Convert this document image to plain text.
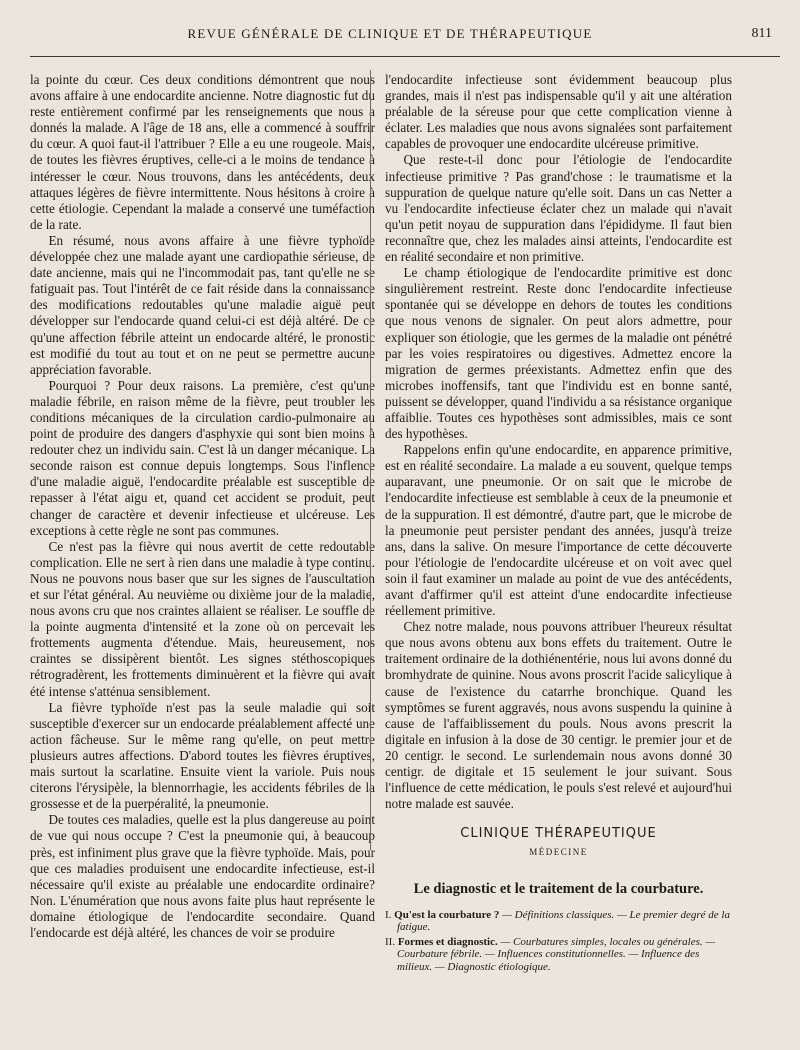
REVUE GÉNÉRALE DE CLINIQUE ET DE THÉRAPEUTIQUE	811

la pointe du cœur. Ces deux conditions démontrent que nous avons affaire à une endocardite ancienne. Notre diagnostic fut du reste entièrement confirmé par les renseignements que nous a donnés la malade. A l'âge de 18 ans, elle a commencé à souffrir du cœur. A quoi faut-il l'attribuer ? Elle a eu une rougeole. Mais, de toutes les fièvres éruptives, celle-ci a le moins de tendance à intéresser le cœur. Nous trouvons, dans les antécédents, deux attaques légères de fièvre intermittente. Nous hésitons à croire à cette étiologie. Cependant la malade a conservé une tuméfaction de la rate.

En résumé, nous avons affaire à une fièvre typhoïde développée chez une malade ayant une cardiopathie sérieuse, de date ancienne, mais qui ne l'incommodait pas, tant qu'elle ne se fatiguait pas. Tout l'intérêt de ce fait réside dans la connaissance des modifications redoutables qu'une maladie aiguë peut développer sur l'endocarde quand celui-ci est déjà altéré. De ce qu'une affection fébrile atteint un endocarde altéré, le pronostic est modifié du tout au tout et on ne peut se permettre aucune appréciation favorable.

Pourquoi ? Pour deux raisons. La première, c'est qu'une maladie fébrile, en raison même de la fièvre, peut troubler les conditions mécaniques de la circulation cardio-pulmonaire au point de produire des dangers d'asphyxie qui sont bien moins à redouter chez un individu sain. C'est là un danger mécanique. La seconde raison est connue depuis longtemps. Sous l'inflence d'une maladie aiguë, l'endocardite préalable est susceptible de repasser à l'état aigu et, quand cet accident se produit, peut changer de caractère et devenir infectieuse et ulcéreuse. Les exceptions à cette règle ne sont pas communes.

Ce n'est pas la fièvre qui nous avertit de cette redoutable complication. Elle ne sert à rien dans une maladie à type continu. Nous ne pouvons nous baser que sur les signes de l'auscultation et sur l'état général. Au neuvième ou dixième jour de la maladie, nous avons cru que nos craintes allaient se réaliser. Le souffle de la pointe augmenta d'intensité et la zone où on percevait les frottements augmenta d'étendue. Mais, heureusement, nos craintes se dissipèrent bientôt. Les signes stéthoscopiques rétrogradèrent, les frottements diminuèrent et la fièvre qui avait été intense s'atténua sensiblement.

La fièvre typhoïde n'est pas la seule maladie qui soit susceptible d'exercer sur un endocarde préalablement affecté une action fâcheuse. Sur le même rang qu'elle, on peut mettre plusieurs autres affections. D'abord toutes les fièvres éruptives, mais surtout la scarlatine. Ensuite vient la variole. Puis nous citerons l'érysipèle, la blennorrhagie, les accidents fébriles de la grossesse et de la puerpéralité, la pneumonie.

De toutes ces maladies, quelle est la plus dangereuse au point de vue qui nous occupe ? C'est la pneumonie qui, à beaucoup près, est infiniment plus grave que la fièvre typhoïde. Mais, pour que ces maladies produisent une endocardite infectieuse, est-il nécessaire qu'il existe au préalable une endocardite ordinaire? Non. L'énumération que nous avons faite plus haut représente le domaine étiologique de l'endocardite secondaire. Quand l'endocarde est déjà altéré, les chances de voir se produire

l'endocardite infectieuse sont évidemment beaucoup plus grandes, mais il n'est pas indispensable qu'il y ait une altération préalable de la séreuse pour que cette complication vienne à éclater. Les maladies que nous avons signalées sont parfaitement capables de provoquer une endocardite ulcéreuse primitive.

Que reste-t-il donc pour l'étiologie de l'endocardite infectieuse primitive ? Pas grand'chose : le traumatisme et la suppuration de quelque nature qu'elle soit. Dans un cas Netter a vu l'endocardite infectieuse éclater chez un malade qui n'avait qu'un petit noyau de suppuration dans l'épididyme. Il faut bien reconnaître que, chez les malades ainsi atteints, l'endocardite est en réalité secondaire et non primitive.

Le champ étiologique de l'endocardite primitive est donc singulièrement restreint. Reste donc l'endocardite infectieuse spontanée qui se développe en dehors de toutes les conditions que nous venons de signaler. On peut alors admettre, pour expliquer son étiologie, que les germes de la maladie ont pénétré par les voies respiratoires ou digestives. Admettez encore la migration de germes préexistants. Admettez enfin que des microbes inoffensifs, tant que l'individu est en bonne santé, puissent se développer, quand l'individu a sa résistance organique affaiblie. Toutes ces hypothèses sont admissibles, mais ce sont des hypothèses.

Rappelons enfin qu'une endocardite, en apparence primitive, est en réalité secondaire. La malade a eu souvent, quelque temps auparavant, une pneumonie. Or on sait que le microbe de l'endocardite infectieuse est semblable à ceux de la pneumonie et de la suppuration. Il est démontré, d'autre part, que le microbe de la pneumonie peut persister pendant des années, jusqu'à treize ans, dans la salive. On mesure l'importance de cette découverte pour l'étiologie de l'endocardite ulcéreuse et on voit avec quel soin il faut examiner un malade au point de vue des antécédents, avant d'affirmer qu'il est atteint d'une endocardite infectieuse réellement primitive.

Chez notre malade, nous pouvons attribuer l'heureux résultat que nous avons obtenu aux bons effets du traitement. Outre le traitement ordinaire de la dothiénentérie, nous lui avons donné du bromhydrate de quinine. Nous avons proscrit l'acide salicylique à cause de l'existence du catarrhe bronchique. Quand les symptômes se furent aggravés, nous avons suspendu la quinine à cause de l'affaiblissement du pouls. Nous avons prescrit la digitale en infusion à la dose de 30 centigr. le premier jour et de 20 centigr. le second. Le surlendemain nous avons donné 30 centigr. de digitale et 15 seulement le jour suivant. Sous l'influence de cette médication, le pouls s'est relevé et aujourd'hui notre malade est sauvée.

CLINIQUE THÉRAPEUTIQUE
MÉDECINE
Le diagnostic et le traitement de la courbature.

I. Qu'est la courbature ? — Définitions classiques. — Le premier degré de la fatigue.

II. Formes et diagnostic. — Courbatures simples, locales ou générales. — Courbature fébrile. — Influences constitutionnelles. — Influence des milieux. — Diagnostic étiologique.
